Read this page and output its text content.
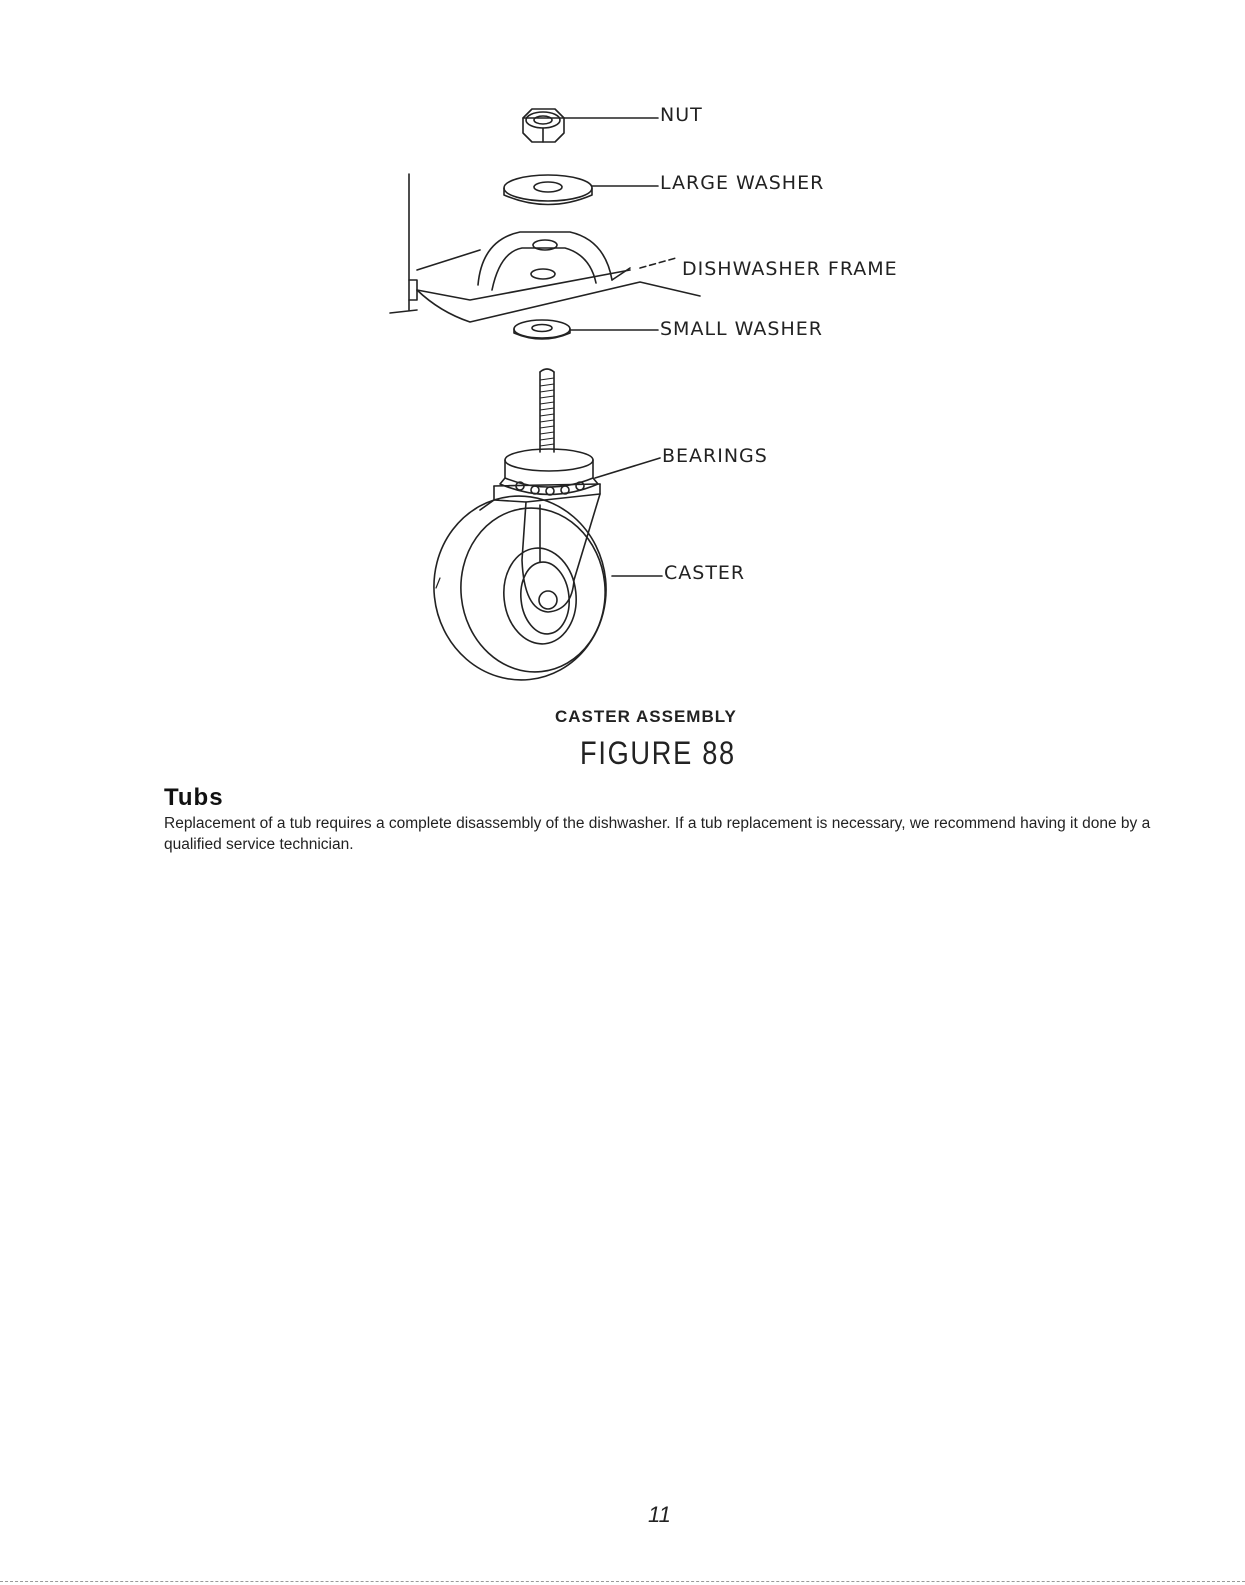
NUT
LARGE WASHER
DISHWASHER FRAME
SMALL WASHER
BEARINGS
CASTER
CASTER ASSEMBLY
FIGURE 88
Tubs
Replacement of a tub requires a complete disassembly of the dishwasher. If a tub replacement is necessary, we recommend having it done by a qualified service technician.
11
